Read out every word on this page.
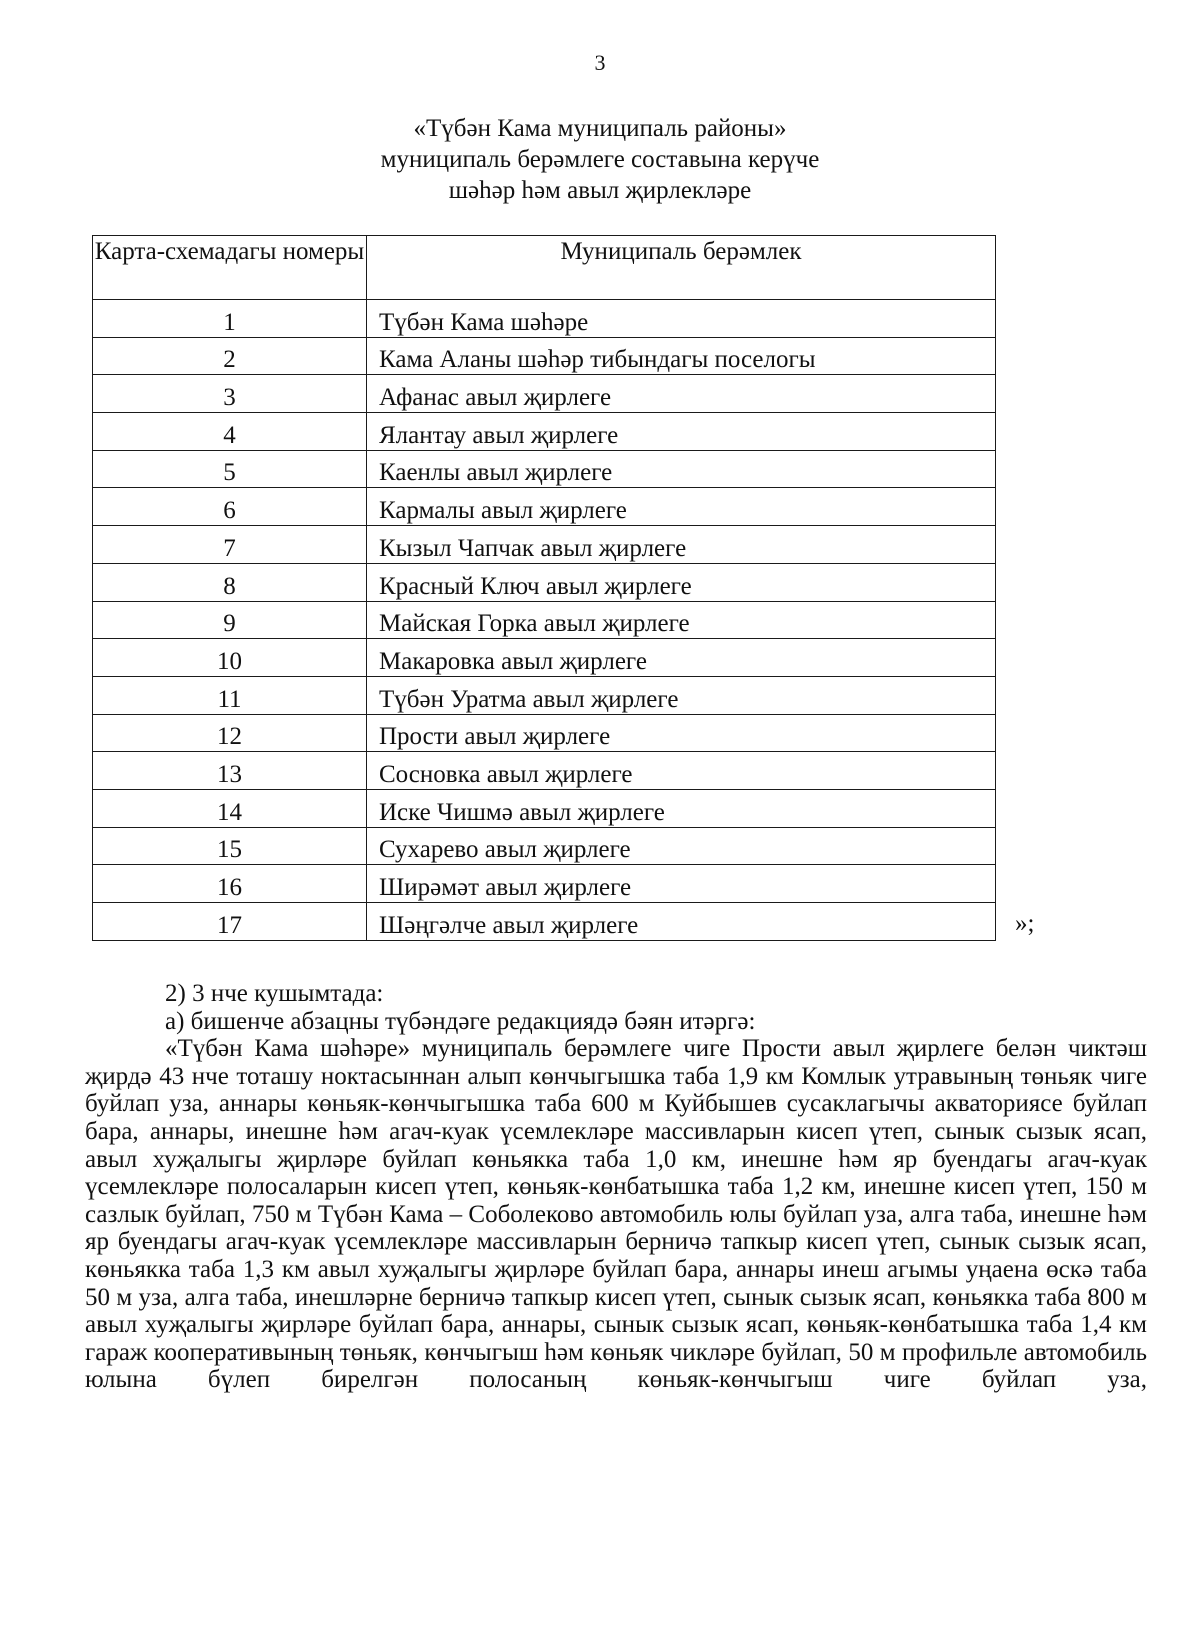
3
«Түбән Кама муниципаль районы»
муниципаль берәмлеге составына керүче
шәһәр һәм авыл җирлекләре
Карта-схемадагы номеры	Муниципаль берәмлек
1	Түбән Кама шәһәре
2	Кама Аланы шәһәр тибындагы поселогы
3	Афанас авыл җирлеге
4	Ялантау авыл җирлеге
5	Каенлы авыл җирлеге
6	Кармалы авыл җирлеге
7	Кызыл Чапчак авыл җирлеге
8	Красный Ключ авыл җирлеге
9	Майская Горка авыл җирлеге
10	Макаровка авыл җирлеге
11	Түбән Уратма авыл җирлеге
12	Прости авыл җирлеге
13	Сосновка авыл җирлеге
14	Иске Чишмә авыл җирлеге
15	Сухарево авыл җирлеге
16	Ширәмәт авыл җирлеге
17	Шәңгәлче авыл җирлеге	»;

2) 3 нче кушымтада:

а) бишенче абзацны түбәндәге редакциядә бәян итәргә:

«Түбән Кама шәһәре» муниципаль берәмлеге чиге Прости авыл җирлеге белән чиктәш җирдә 43 нче тоташу ноктасыннан алып көнчыгышка таба 1,9 км Комлык утравының төньяк чиге буйлап уза, аннары көньяк-көнчыгышка таба 600 м Куйбышев сусаклагычы акваториясе буйлап бара, аннары, инешне һәм агач-куак үсемлекләре массивларын кисеп үтеп, сынык сызык ясап, авыл хуҗалыгы җирләре буйлап көньякка таба 1,0 км, инешне һәм яр буендагы агач-куак үсемлекләре полосаларын кисеп үтеп, көньяк-көнбатышка таба 1,2 км, инешне кисеп үтеп, 150 м сазлык буйлап, 750 м Түбән Кама – Соболеково автомобиль юлы буйлап уза, алга таба, инешне һәм яр буендагы агач-куак үсемлекләре массивларын берничә тапкыр кисеп үтеп, сынык сызык ясап, көньякка таба 1,3 км авыл хуҗалыгы җирләре буйлап бара, аннары инеш агымы уңаена өскә таба 50 м уза, алга таба, инешләрне берничә тапкыр кисеп үтеп, сынык сызык ясап, көньякка таба 800 м авыл хуҗалыгы җирләре буйлап бара, аннары, сынык сызык ясап, көньяк-көнбатышка таба 1,4 км гараж кооперативының төньяк, көнчыгыш һәм көньяк чикләре буйлап, 50 м профильле автомобиль юлына бүлеп бирелгән полосаның көньяк-көнчыгыш чиге буйлап уза,
